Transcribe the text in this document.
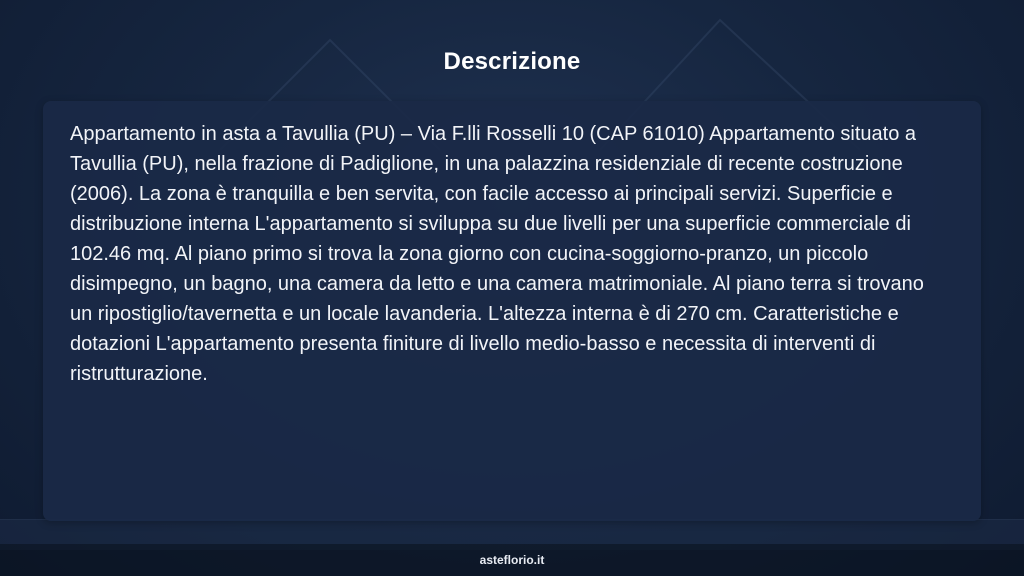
Descrizione

Appartamento in asta a Tavullia (PU) – Via F.lli Rosselli 10 (CAP 61010) Appartamento situato a Tavullia (PU), nella frazione di Padiglione, in una palazzina residenziale di recente costruzione (2006). La zona è tranquilla e ben servita, con facile accesso ai principali servizi. Superficie e distribuzione interna L'appartamento si sviluppa su due livelli per una superficie commerciale di 102.46 mq. Al piano primo si trova la zona giorno con cucina-soggiorno-pranzo, un piccolo disimpegno, un bagno, una camera da letto e una camera matrimoniale. Al piano terra si trovano un ripostiglio/tavernetta e un locale lavanderia. L'altezza interna è di 270 cm. Caratteristiche e dotazioni L'appartamento presenta finiture di livello medio-basso e necessita di interventi di ristrutturazione.

asteflorio.it
